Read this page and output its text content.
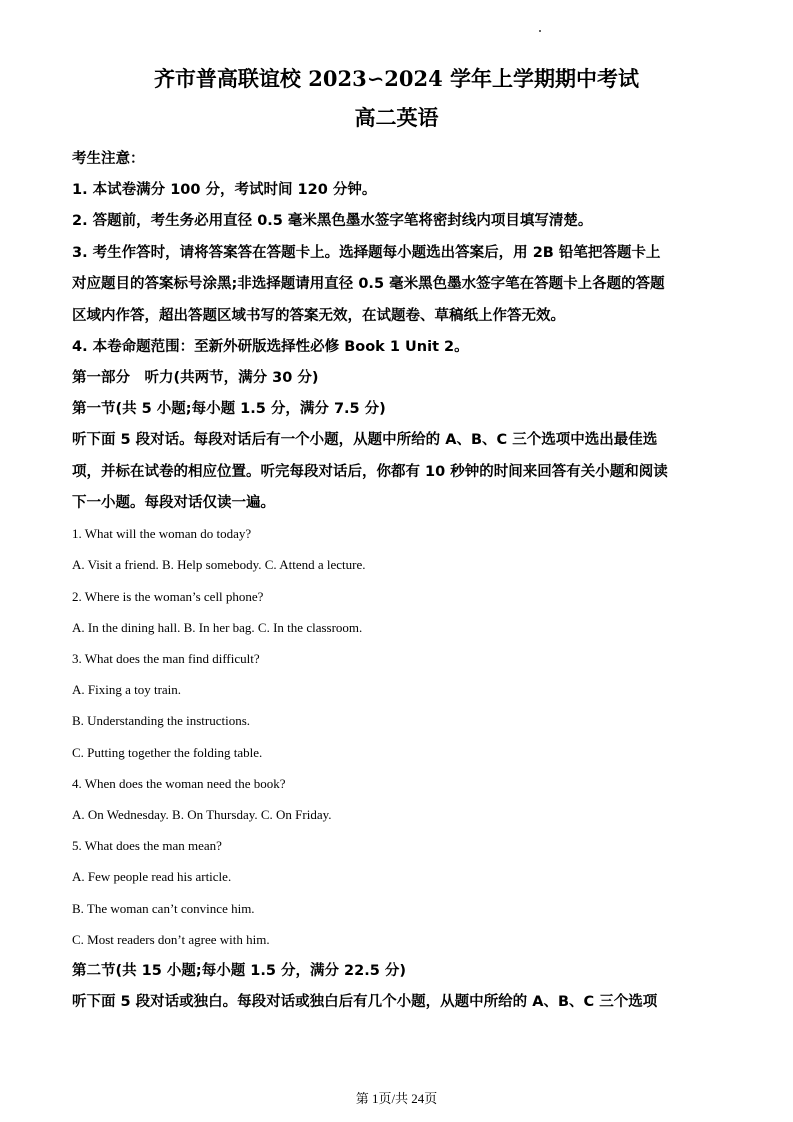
齐市普高联谊校 2023∽2024 学年上学期期中考试
高二英语
考生注意：
1. 本试卷满分 100 分，考试时间 120 分钟。
2. 答题前，考生务必用直径 0.5 毫米黑色墨水签字笔将密封线内项目填写清楚。
3. 考生作答时，请将答案答在答题卡上。选择题每小题选出答案后，用 2B 铅笔把答题卡上
对应题目的答案标号涂黑;非选择题请用直径 0.5 毫米黑色墨水签字笔在答题卡上各题的答题
区域内作答，超出答题区域书写的答案无效，在试题卷、草稿纸上作答无效。
4. 本卷命题范围：至新外研版选择性必修 Book 1 Unit 2。
第一部分　听力(共两节，满分 30 分)
第一节(共 5 小题;每小题 1.5 分，满分 7.5 分)
听下面 5 段对话。每段对话后有一个小题，从题中所给的 A、B、C 三个选项中选出最佳选
项，并标在试卷的相应位置。听完每段对话后，你都有 10 秒钟的时间来回答有关小题和阅读
下一小题。每段对话仅读一遍。
1. What will the woman do today?
A. Visit a friend. B. Help somebody. C. Attend a lecture.
2. Where is the woman’s cell phone?
A. In the dining hall. B. In her bag. C. In the classroom.
3. What does the man find difficult?
A. Fixing a toy train.
B. Understanding the instructions.
C. Putting together the folding table.
4. When does the woman need the book?
A. On Wednesday. B. On Thursday. C. On Friday.
5. What does the man mean?
A. Few people read his article.
B. The woman can’t convince him.
C. Most readers don’t agree with him.
第二节(共 15 小题;每小题 1.5 分，满分 22.5 分)
听下面 5 段对话或独白。每段对话或独白后有几个小题，从题中所给的 A、B、C 三个选项
第 1页/共 24页
